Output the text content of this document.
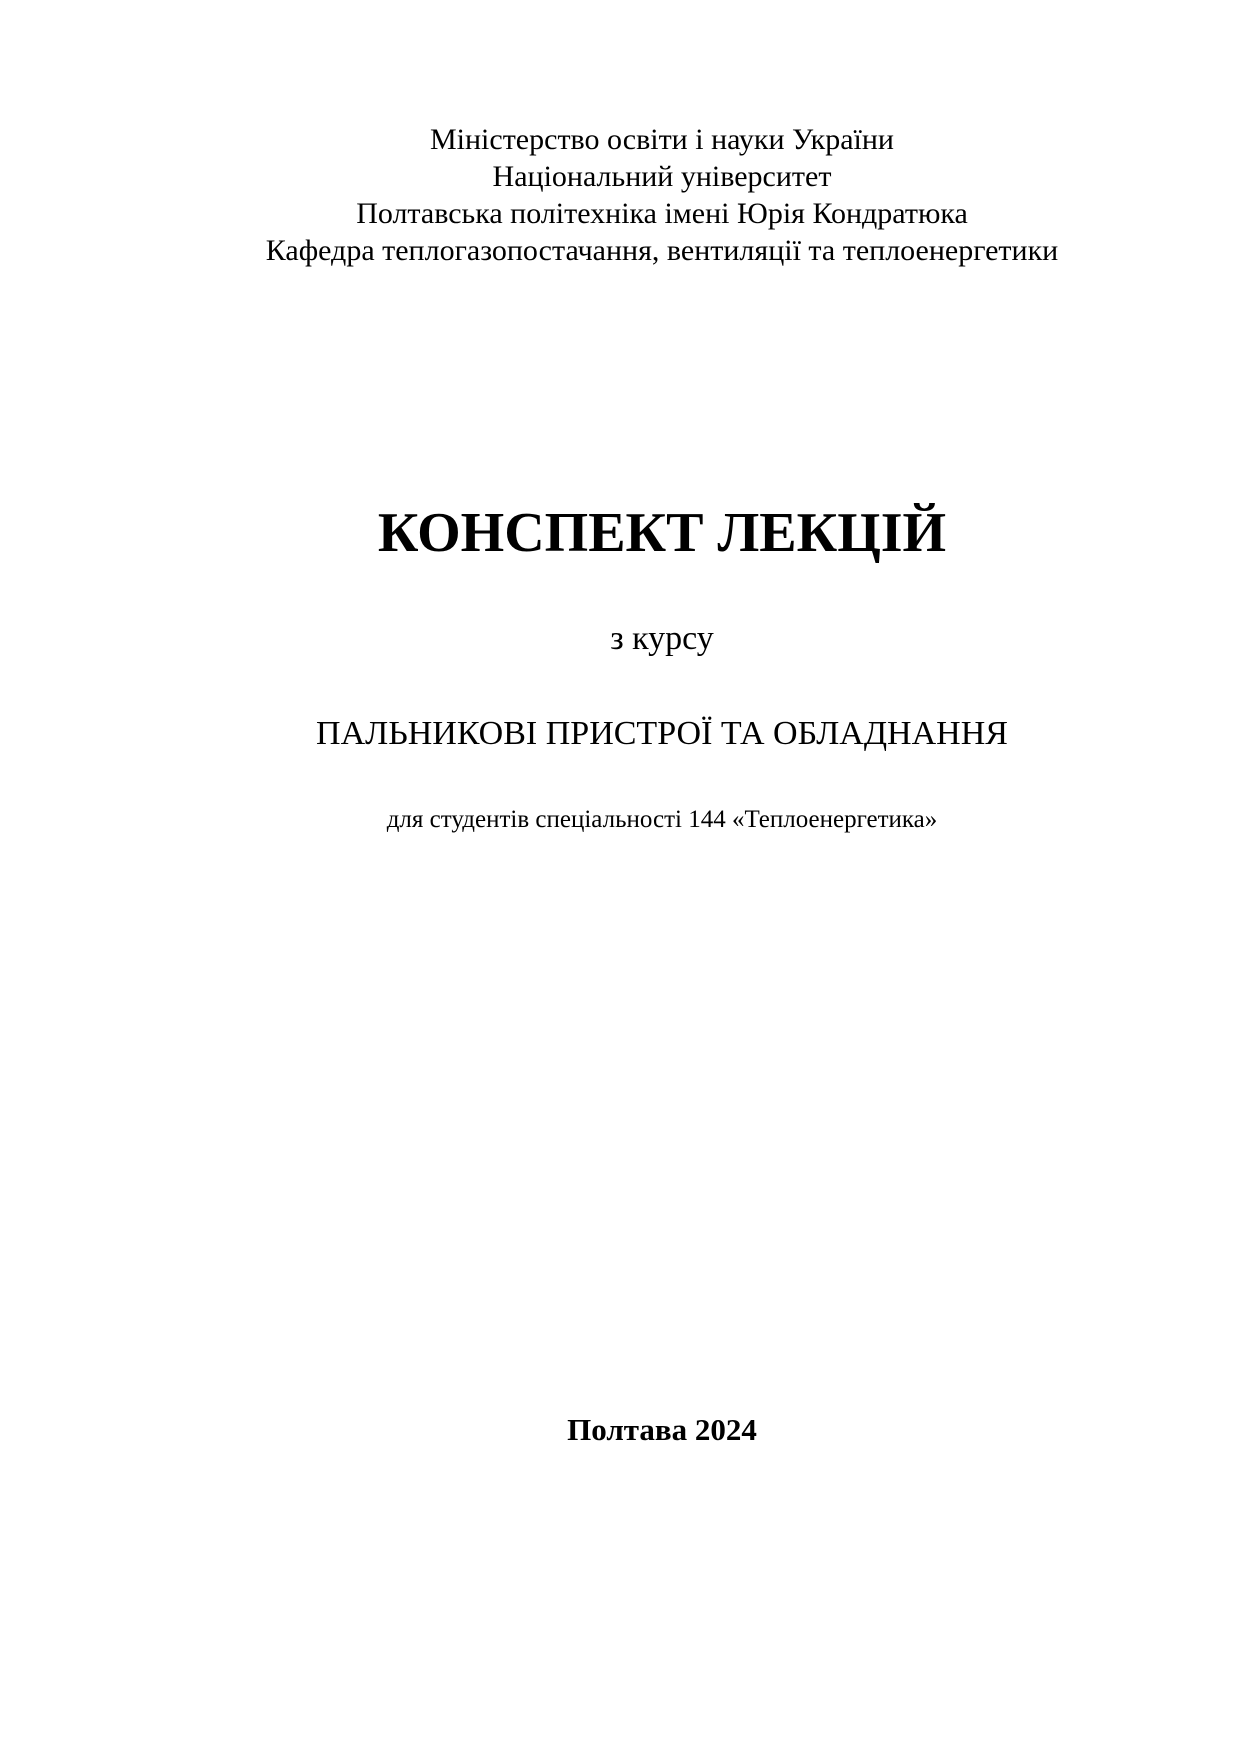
Міністерство освіти і науки України
Національний університет
Полтавська політехніка імені Юрія Кондратюка
Кафедра теплогазопостачання, вентиляції та теплоенергетики
КОНСПЕКТ ЛЕКЦІЙ
з курсу
ПАЛЬНИКОВІ ПРИСТРОЇ ТА ОБЛАДНАННЯ
для студентів спеціальності 144 «Теплоенергетика»
Полтава 2024
